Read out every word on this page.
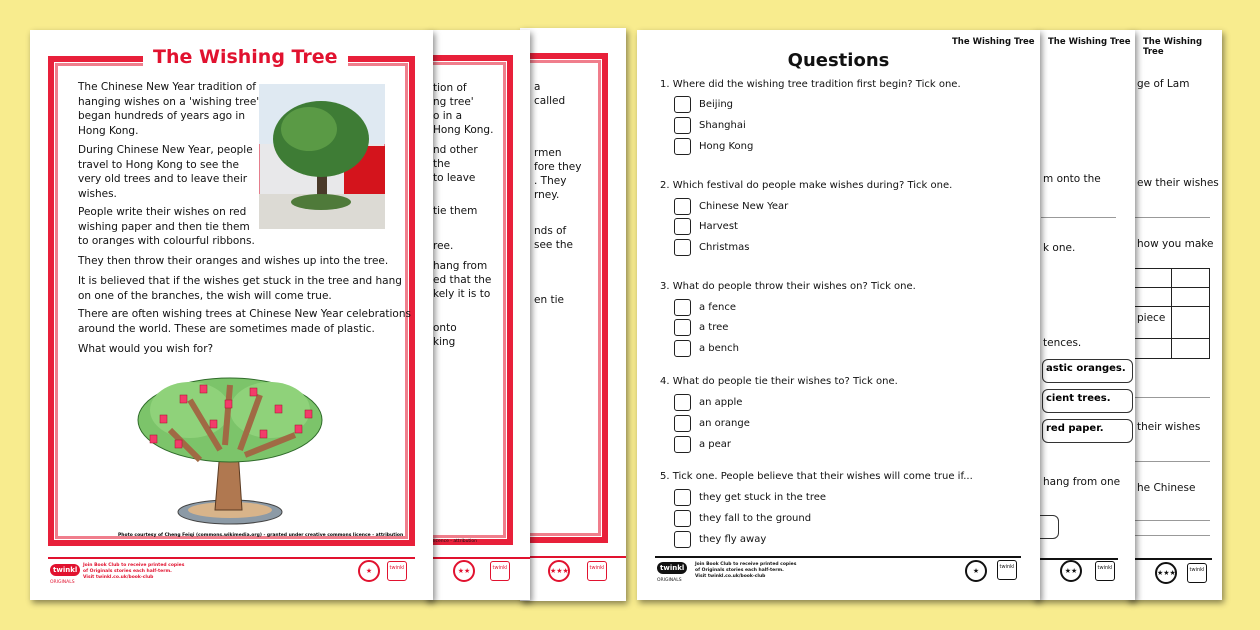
a
called
rmen
fore they
. They
rney.
nds of
see the
en tie
★★★	twinkl
tion of
ng tree'
o in a
Hong Kong.
nd other
the
to leave
tie them
ree.
hang from
ed that the
kely it is to
onto
king
licence - attribution
★★	twinkl
The Wishing Tree
The Chinese New Year tradition of
hanging wishes on a 'wishing tree'
began hundreds of years ago in
Hong Kong.
During Chinese New Year, people
travel to Hong Kong to see the
very old trees and to leave their
wishes.
People write their wishes on red
wishing paper and then tie them
to oranges with colourful ribbons.
They then throw their oranges and wishes up into the tree.
It is believed that if the wishes get stuck in the tree and hang
on one of the branches, the wish will come true.
There are often wishing trees at Chinese New Year celebrations
around the world. These are sometimes made of plastic.
What would you wish for?
Photo courtesy of Cheng Feiqi (commons.wikimedia.org) - granted under creative commons licence - attribution
twinkl
ORIGINALS
Join Book Club to receive printed copies
of Originals stories each half-term.
Visit twinkl.co.uk/book-club
★	twinkl
The Wishing Tree
ge of Lam
ew their wishes
how you make
piece
their wishes
he Chinese
★★★	twinkl
The Wishing Tree
m onto the
k one.
tences.
astic oranges.
cient trees.
red paper.
hang from one
★★	twinkl
The Wishing Tree
Questions
1. Where did the wishing tree tradition first begin? Tick one.
Beijing
Shanghai
Hong Kong
2. Which festival do people make wishes during? Tick one.
Chinese New Year
Harvest
Christmas
3. What do people throw their wishes on? Tick one.
a fence
a tree
a bench
4. What do people tie their wishes to? Tick one.
an apple
an orange
a pear
5. Tick one. People believe that their wishes will come true if...
they get stuck in the tree
they fall to the ground
they fly away
twinkl
ORIGINALS
Join Book Club to receive printed copies
of Originals stories each half-term.
Visit twinkl.co.uk/book-club
★	twinkl
